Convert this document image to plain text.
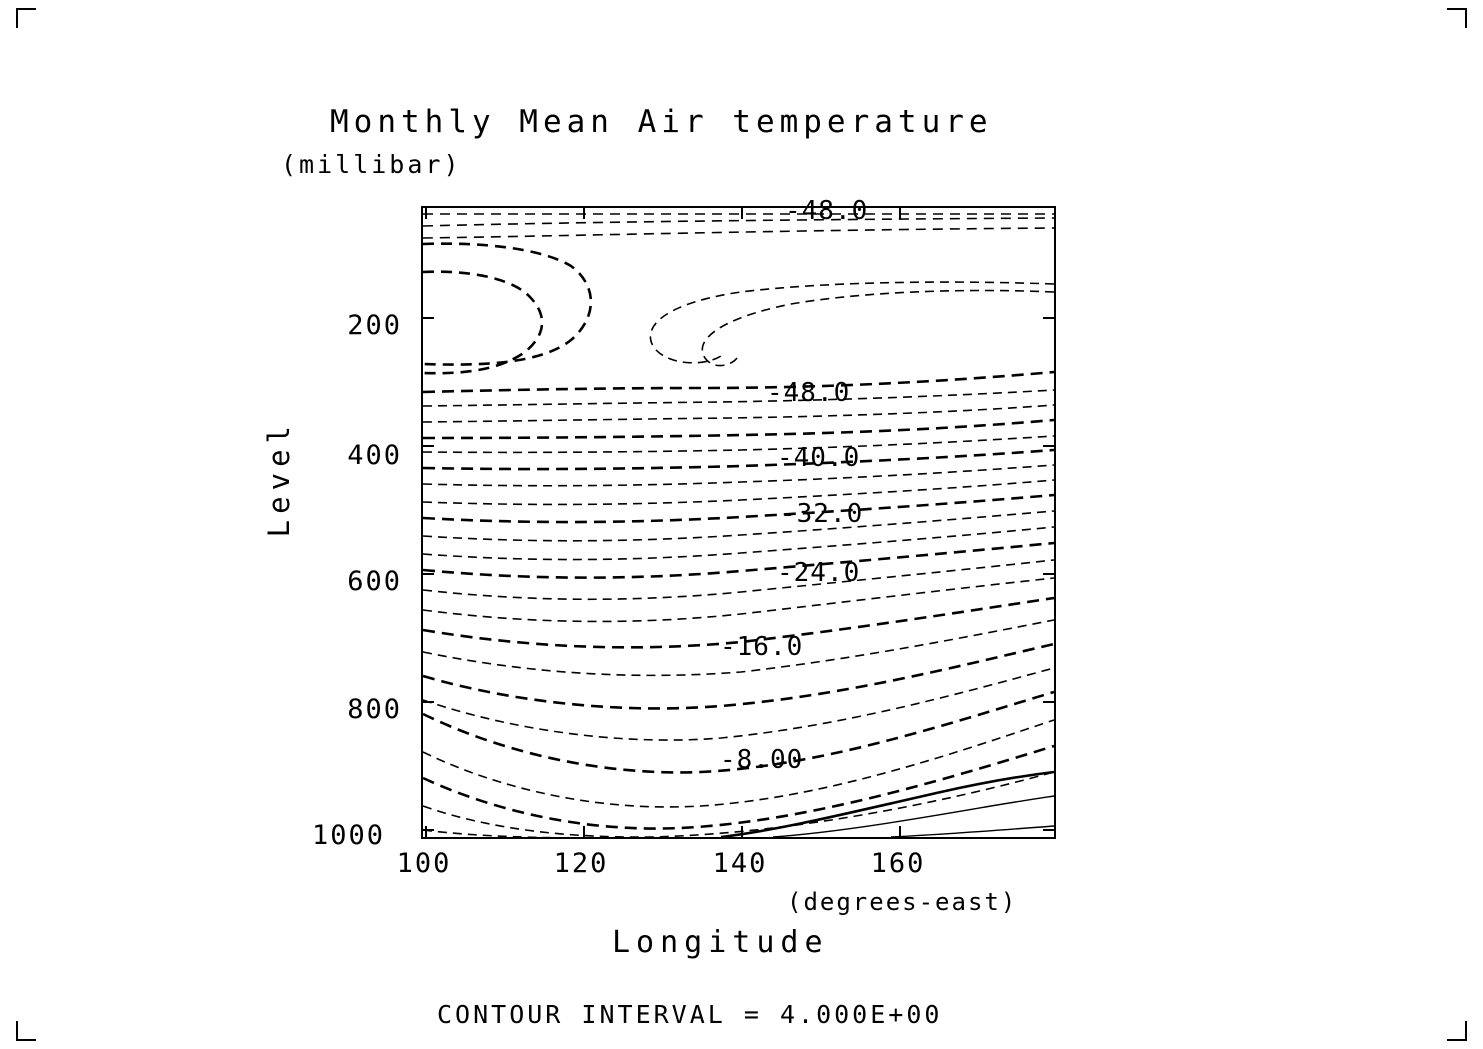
Monthly Mean Air temperature
(millibar)
Level
Longitude
(degrees-east)
CONTOUR INTERVAL = 4.000E+00
200
400
600
800
1000
100	120	140	160
-48.0
-48.0
-40.0
-32.0
-24.0
-16.0
-8.00
